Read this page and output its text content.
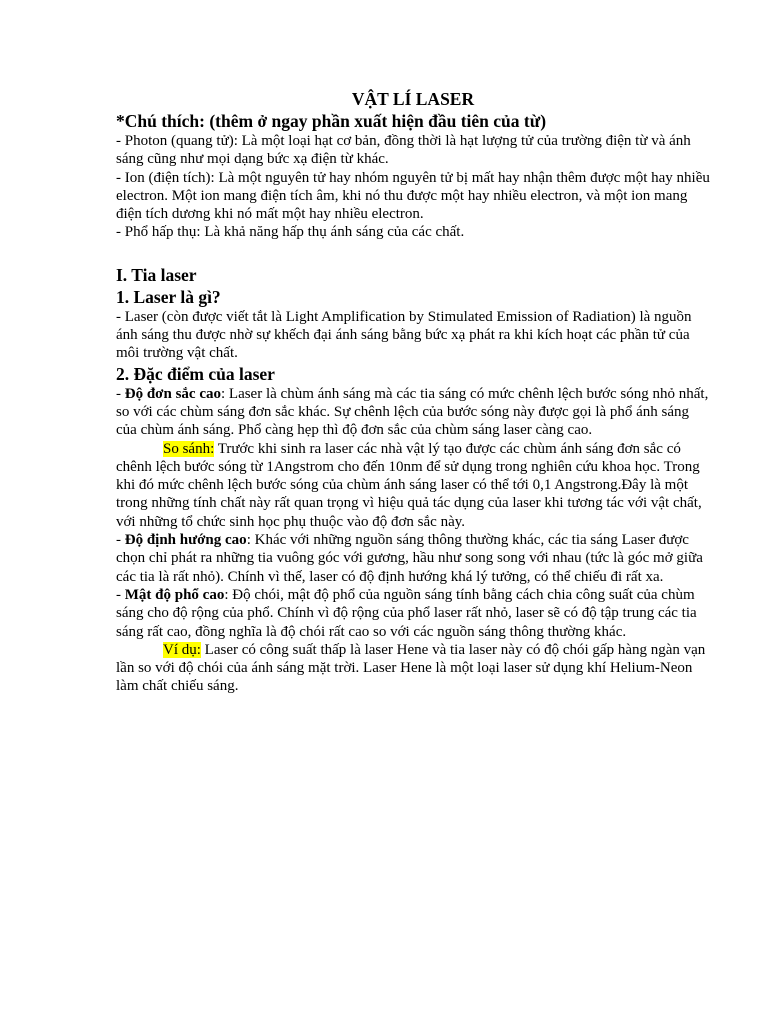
VẬT LÍ LASER

*Chú thích: (thêm ở ngay phần xuất hiện đầu tiên của từ)

- Photon (quang tử): Là một loại hạt cơ bản, đồng thời là hạt lượng tử của trường điện từ và ánh sáng cũng như mọi dạng bức xạ điện từ khác.

- Ion (điện tích): Là một nguyên tử hay nhóm nguyên tử bị mất hay nhận thêm được một hay nhiều electron. Một ion mang điện tích âm, khi nó thu được một hay nhiều electron, và một ion mang điện tích dương khi nó mất một hay nhiều electron.

- Phổ hấp thụ: Là khả năng hấp thụ ánh sáng của các chất.

I. Tia laser

1. Laser là gì?

- Laser (còn được viết tắt là Light Amplification by Stimulated Emission of Radiation) là nguồn ánh sáng thu được nhờ sự khếch đại ánh sáng bằng bức xạ phát ra khi kích hoạt các phần tử của môi trường vật chất.

2. Đặc điểm của laser

- Độ đơn sắc cao: Laser là chùm ánh sáng mà các tia sáng có mức chênh lệch bước sóng nhỏ nhất, so với các chùm sáng đơn sắc khác. Sự chênh lệch của bước sóng này được gọi là phổ ánh sáng của chùm ánh sáng. Phổ càng hẹp thì độ đơn sắc của chùm sáng laser càng cao.

So sánh: Trước khi sinh ra laser các nhà vật lý tạo được các chùm ánh sáng đơn sắc có chênh lệch bước sóng từ 1Angstrom cho đến 10nm để sử dụng trong nghiên cứu khoa học. Trong khi đó mức chênh lệch bước sóng của chùm ánh sáng laser có thể tới 0,1 Angstrong.Đây là một trong những tính chất này rất quan trọng vì hiệu quả tác dụng của laser khi tương tác với vật chất, với những tổ chức sinh học phụ thuộc vào độ đơn sắc này.

- Độ định hướng cao: Khác với những nguồn sáng thông thường khác, các tia sáng Laser được chọn chỉ phát ra những tia vuông góc với gương, hầu như song song với nhau (tức là góc mở giữa các tia là rất nhỏ). Chính vì thế, laser có độ định hướng khá lý tưởng, có thể chiếu đi rất xa.

- Mật độ phổ cao: Độ chói, mật độ phổ của nguồn sáng tính bằng cách chia công suất của chùm sáng cho độ rộng của phổ. Chính vì độ rộng của phổ laser rất nhỏ, laser sẽ có độ tập trung các tia sáng rất cao, đồng nghĩa là độ chói rất cao so với các nguồn sáng thông thường khác.

Ví dụ: Laser có công suất thấp là laser Hene và tia laser này có độ chói gấp hàng ngàn vạn lần so với độ chói của ánh sáng mặt trời. Laser Hene là một loại laser sử dụng khí Helium-Neon làm chất chiếu sáng.
